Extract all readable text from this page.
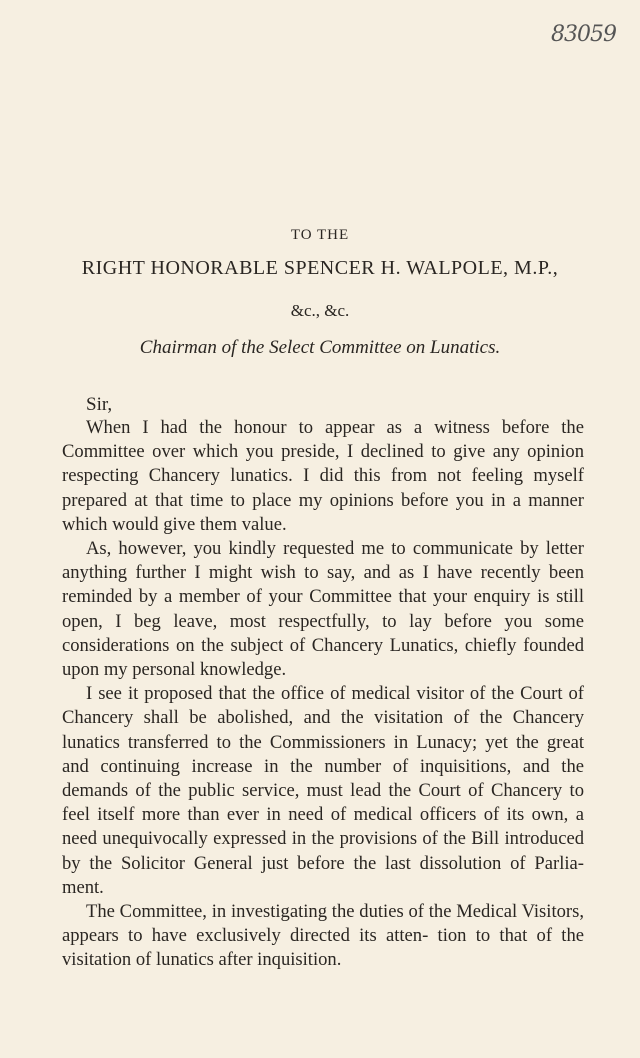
83059
TO THE
RIGHT HONORABLE SPENCER H. WALPOLE, M.P.,
&c., &c.
Chairman of the Select Committee on Lunatics.
Sir,

When I had the honour to appear as a witness before the Committee over which you preside, I declined to give any opinion respecting Chancery lunatics. I did this from not feeling myself prepared at that time to place my opinions before you in a manner which would give them value.

As, however, you kindly requested me to communicate by letter anything further I might wish to say, and as I have recently been reminded by a member of your Committee that your enquiry is still open, I beg leave, most respectfully, to lay before you some considerations on the subject of Chancery Lunatics, chiefly founded upon my personal knowledge.

I see it proposed that the office of medical visitor of the Court of Chancery shall be abolished, and the visitation of the Chancery lunatics transferred to the Commissioners in Lunacy; yet the great and continuing increase in the number of inquisitions, and the demands of the public service, must lead the Court of Chancery to feel itself more than ever in need of medical officers of its own, a need unequivocally expressed in the provisions of the Bill introduced by the Solicitor General just before the last dissolution of Parlia- ment.

The Committee, in investigating the duties of the Medical Visitors, appears to have exclusively directed its atten- tion to that of the visitation of lunatics after inquisition.
